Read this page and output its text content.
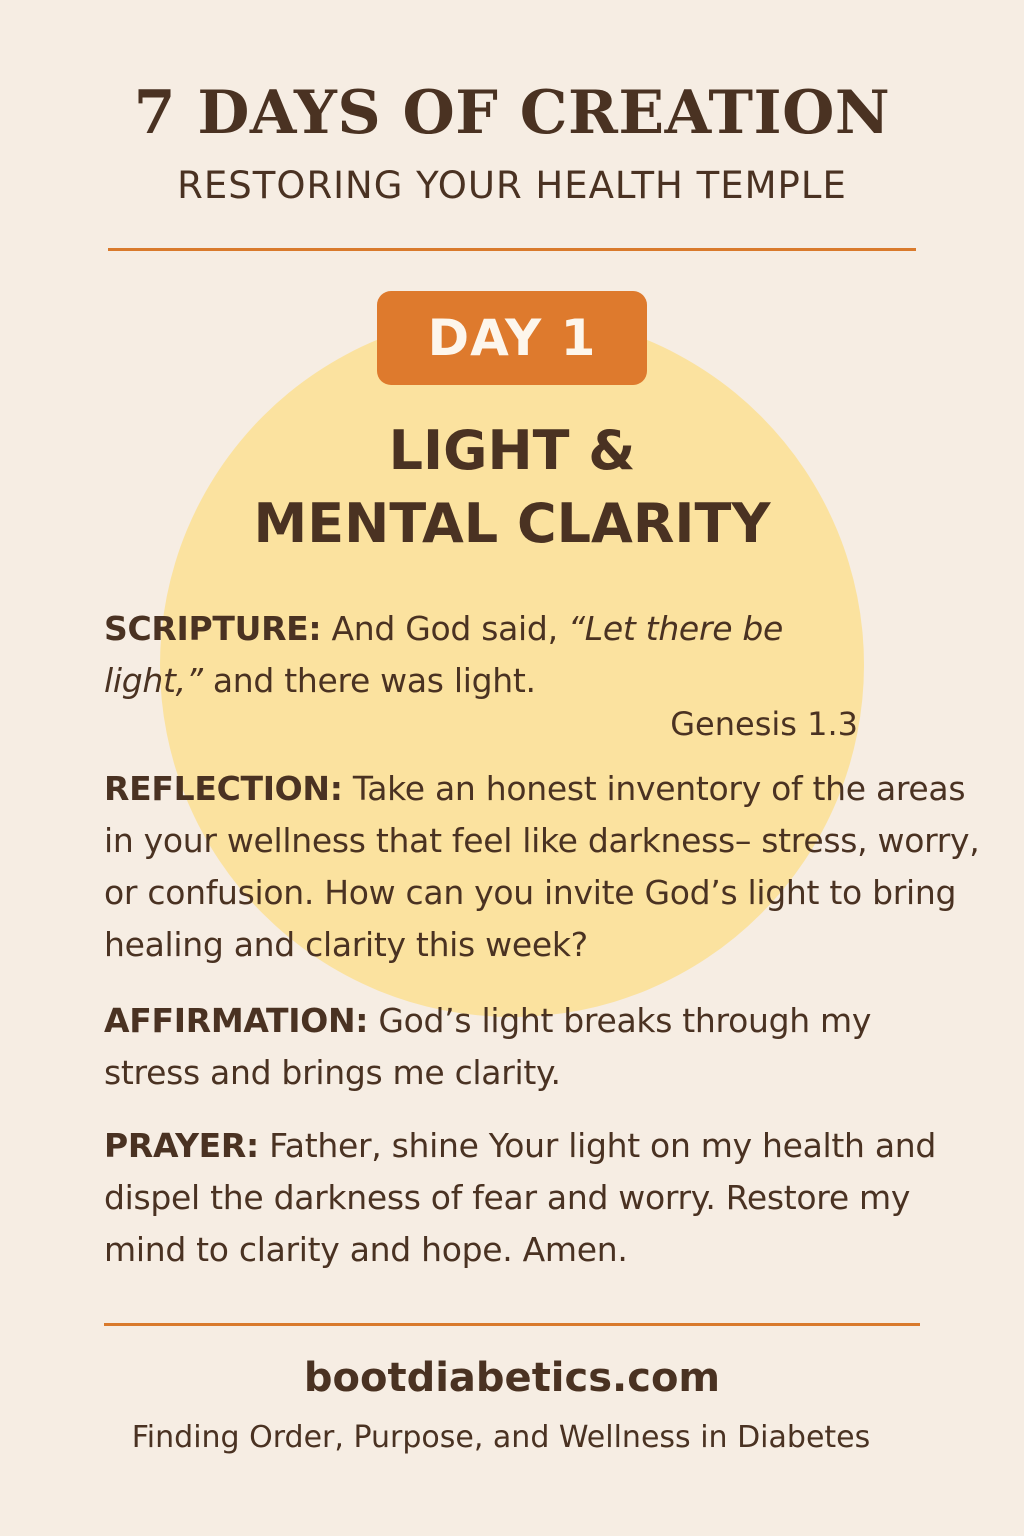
7 DAYS OF CREATION
RESTORING YOUR HEALTH TEMPLE
DAY 1
LIGHT &
MENTAL CLARITY
SCRIPTURE: And God said, “Let there be light,” and there was light.
Genesis 1.3
REFLECTION: Take an honest inventory of the areas in your wellness that feel like darkness– stress, worry, or confusion. How can you invite God’s light to bring healing and clarity this week?
AFFIRMATION: God’s light breaks through my stress and brings me clarity.
PRAYER: Father, shine Your light on my health and dispel the darkness of fear and worry. Restore my mind to clarity and hope. Amen.
bootdiabetics.com
Finding Order, Purpose, and Wellness in Diabetes
